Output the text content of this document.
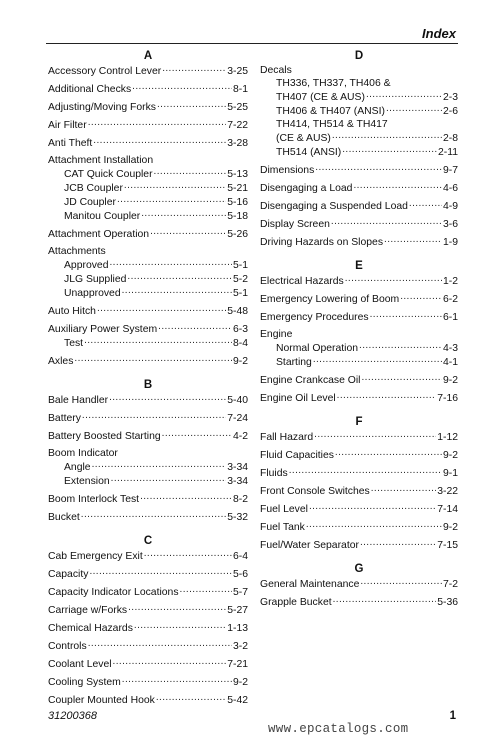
Index
A
Accessory Control Lever .....	3-25
Additional Checks .....	8-1
Adjusting/Moving Forks .....	5-25
Air Filter .....	7-22
Anti Theft .....	3-28
Attachment Installation
CAT Quick Coupler .....	5-13
JCB Coupler .....	5-21
JD Coupler .....	5-16
Manitou Coupler .....	5-18
Attachment Operation .....	5-26
Attachments
Approved .....	5-1
JLG Supplied .....	5-2
Unapproved .....	5-1
Auto Hitch .....	5-48
Auxiliary Power System .....	6-3
Test .....	8-4
Axles .....	9-2
B
Bale Handler .....	5-40
Battery .....	7-24
Battery Boosted Starting .....	4-2
Boom Indicator
Angle .....	3-34
Extension .....	3-34
Boom Interlock Test .....	8-2
Bucket .....	5-32
C
Cab Emergency Exit .....	6-4
Capacity .....	5-6
Capacity Indicator Locations .....	5-7
Carriage w/Forks .....	5-27
Chemical Hazards .....	1-13
Controls .....	3-2
Coolant Level .....	7-21
Cooling System .....	9-2
Coupler Mounted Hook .....	5-42
D
Decals
TH336, TH337, TH406 &
TH407 (CE & AUS) .....	2-3
TH406 & TH407 (ANSI) .....	2-6
TH414, TH514 & TH417
(CE & AUS) .....	2-8
TH514 (ANSI) .....	2-11
Dimensions .....	9-7
Disengaging a Load .....	4-6
Disengaging a Suspended Load .....	4-9
Display Screen .....	3-6
Driving Hazards on Slopes .....	1-9
E
Electrical Hazards .....	1-2
Emergency Lowering of Boom .....	6-2
Emergency Procedures .....	6-1
Engine
Normal Operation .....	4-3
Starting .....	4-1
Engine Crankcase Oil .....	9-2
Engine Oil Level .....	7-16
F
Fall Hazard .....	1-12
Fluid Capacities .....	9-2
Fluids .....	9-1
Front Console Switches .....	3-22
Fuel Level .....	7-14
Fuel Tank .....	9-2
Fuel/Water Separator .....	7-15
G
General Maintenance .....	7-2
Grapple Bucket .....	5-36
31200368	1
www.epcatalogs.com
